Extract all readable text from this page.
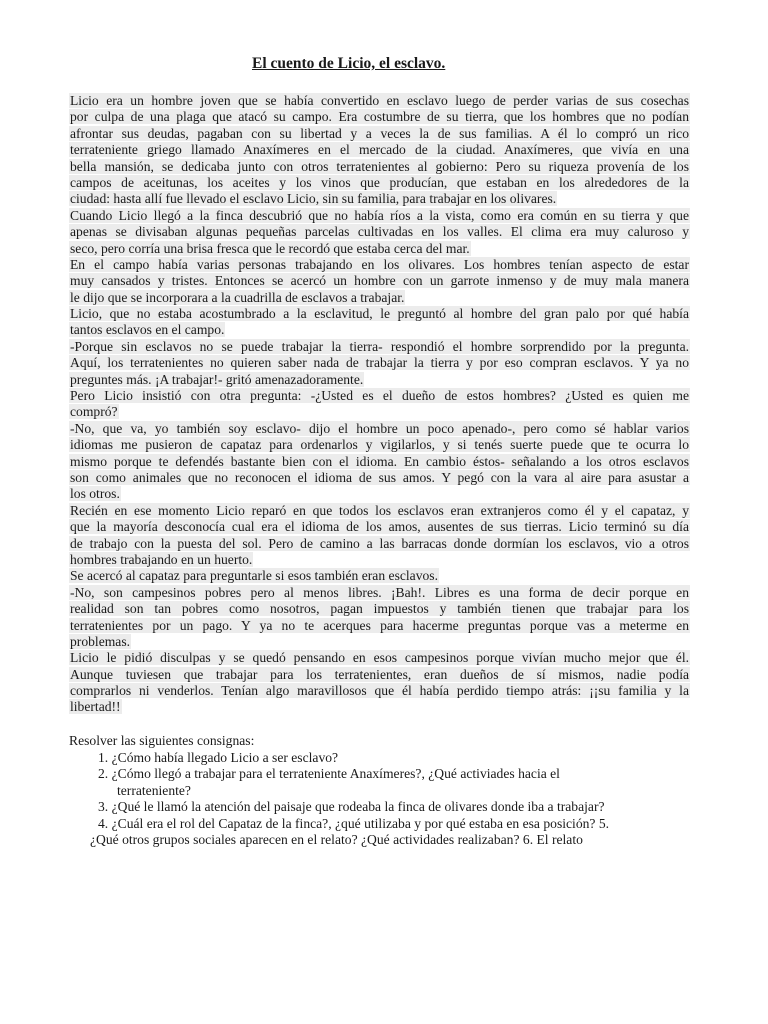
El cuento de Licio, el esclavo.
Licio era un hombre joven que se había convertido en esclavo luego de perder varias de sus cosechas
por culpa de una plaga que atacó su campo. Era costumbre de su tierra, que los hombres que no podían
afrontar sus deudas, pagaban con su libertad y a veces la de sus familias. A él lo compró un rico
terrateniente griego llamado Anaxímeres en el mercado de la ciudad. Anaxímeres, que vivía en una
bella mansión, se dedicaba junto con otros terratenientes al gobierno: Pero su riqueza provenía de los
campos de aceitunas, los aceites y los vinos que producían, que estaban en los alrededores de la
ciudad: hasta allí fue llevado el esclavo Licio, sin su familia, para trabajar en los olivares.
Cuando Licio llegó a la finca descubrió que no había ríos a la vista, como era común en su tierra y que
apenas se divisaban algunas pequeñas parcelas cultivadas en los valles. El clima era muy caluroso y
seco, pero corría una brisa fresca que le recordó que estaba cerca del mar.
En el campo había varias personas trabajando en los olivares. Los hombres tenían aspecto de estar
muy cansados y tristes. Entonces se acercó un hombre con un garrote inmenso y de muy mala manera
le dijo que se incorporara a la cuadrilla de esclavos a trabajar.
Licio, que no estaba acostumbrado a la esclavitud, le preguntó al hombre del gran palo por qué había
tantos esclavos en el campo.
-Porque sin esclavos no se puede trabajar la tierra- respondió el hombre sorprendido por la pregunta.
Aquí, los terratenientes no quieren saber nada de trabajar la tierra y por eso compran esclavos. Y ya no
preguntes más. ¡A trabajar!- gritó amenazadoramente.
Pero Licio insistió con otra pregunta: -¿Usted es el dueño de estos hombres? ¿Usted es quien me
compró?
-No, que va, yo también soy esclavo- dijo el hombre un poco apenado-, pero como sé hablar varios
idiomas me pusieron de capataz para ordenarlos y vigilarlos, y si tenés suerte puede que te ocurra lo
mismo porque te defendés bastante bien con el idioma. En cambio éstos- señalando a los otros esclavos
son como animales que no reconocen el idioma de sus amos. Y pegó con la vara al aire para asustar a
los otros.
Recién en ese momento Licio reparó en que todos los esclavos eran extranjeros como él y el capataz, y
que la mayoría desconocía cual era el idioma de los amos, ausentes de sus tierras. Licio terminó su día
de trabajo con la puesta del sol. Pero de camino a las barracas donde dormían los esclavos, vio a otros
hombres trabajando en un huerto.
Se acercó al capataz para preguntarle si esos también eran esclavos.
-No, son campesinos pobres pero al menos libres. ¡Bah!. Libres es una forma de decir porque en
realidad son tan pobres como nosotros, pagan impuestos y también tienen que trabajar para los
terratenientes por un pago. Y ya no te acerques para hacerme preguntas porque vas a meterme en
problemas.
Licio le pidió disculpas y se quedó pensando en esos campesinos porque vivían mucho mejor que él.
Aunque tuviesen que trabajar para los terratenientes, eran dueños de sí mismos, nadie podía
comprarlos ni venderlos. Tenían algo maravillosos que él había perdido tiempo atrás: ¡¡su familia y la
libertad!!
Resolver las siguientes consignas:
1. ¿Cómo había llegado Licio a ser esclavo?
2. ¿Cómo llegó a trabajar para el terrateniente Anaxímeres?, ¿Qué activiades hacia el
terrateniente?
3. ¿Qué le llamó la atención del paisaje que rodeaba la finca de olivares donde iba a trabajar?
4. ¿Cuál era el rol del Capataz de la finca?, ¿qué utilizaba y por qué estaba en esa posición? 5.
¿Qué otros grupos sociales aparecen en el relato? ¿Qué actividades realizaban? 6. El relato
